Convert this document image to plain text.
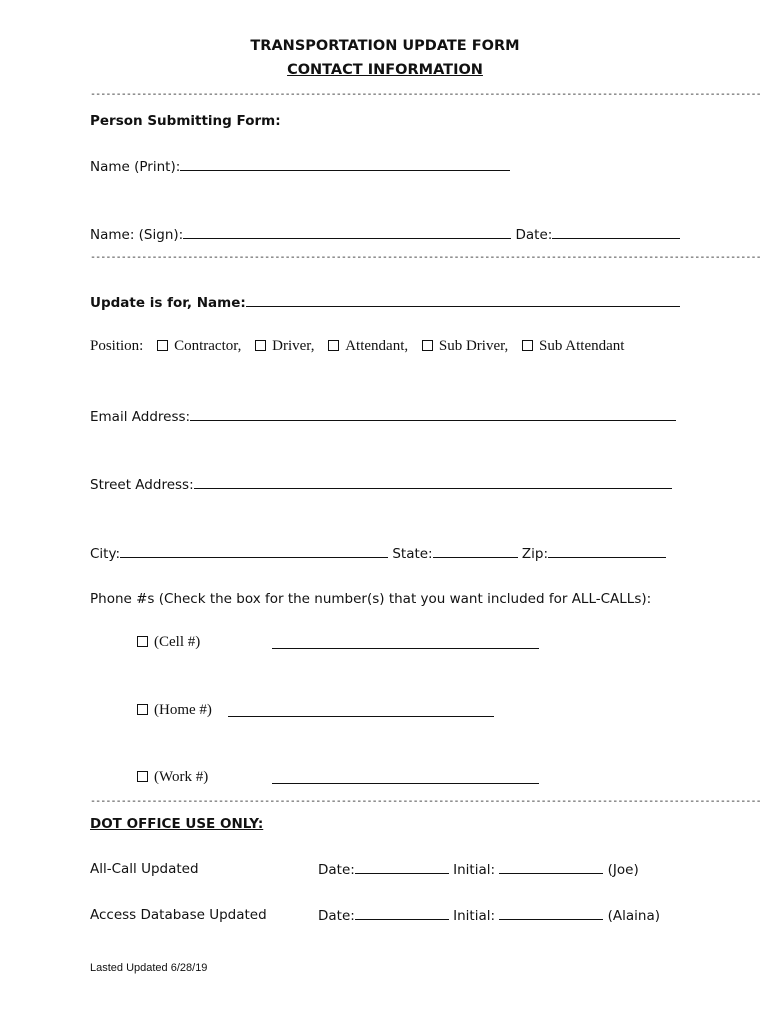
TRANSPORTATION UPDATE FORM
CONTACT INFORMATION
-----------------------------------------------------------------------------------------------------------------------------------
Person Submitting Form:
Name (Print):
Name: (Sign):	Date:
-----------------------------------------------------------------------------------------------------------------------------------
Update is for, Name:
Position: Contractor, Driver, Attendant, Sub Driver, Sub Attendant
Email Address:
Street Address:
City:	State:	Zip:
Phone #s (Check the box for the number(s) that you want included for ALL-CALLs):
(Cell #)
(Home #)
(Work #)
-----------------------------------------------------------------------------------------------------------------------------------
DOT OFFICE USE ONLY:
All-Call Updated	Date:	Initial:	(Joe)
Access Database Updated	Date:	Initial:	(Alaina)
Lasted Updated 6/28/19
